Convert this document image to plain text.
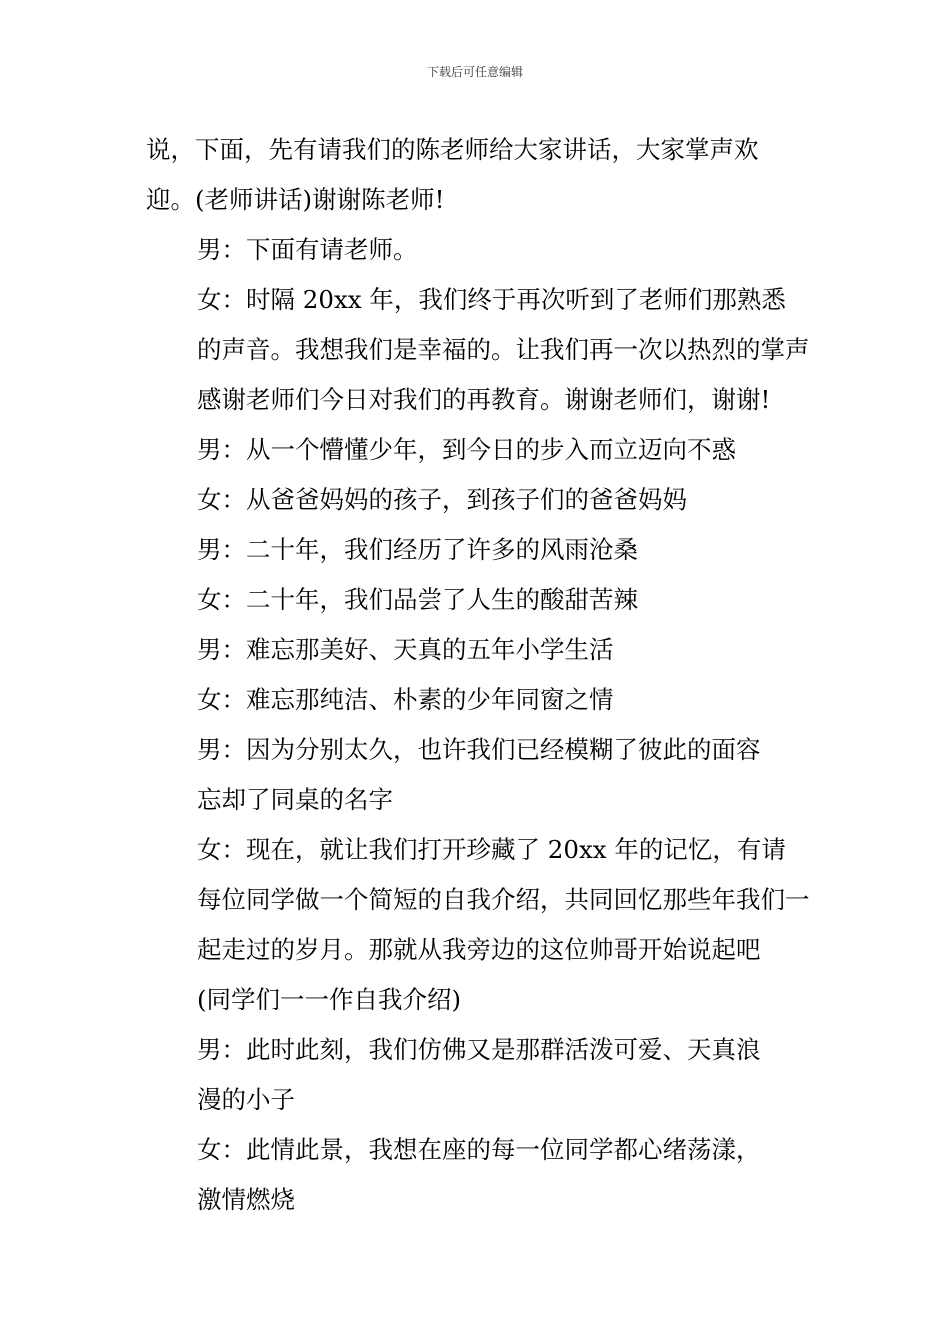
下载后可任意编辑

说，下面，先有请我们的陈老师给大家讲话，大家掌声欢
迎。(老师讲话)谢谢陈老师!

男：下面有请老师。

女：时隔 20xx 年，我们终于再次听到了老师们那熟悉
的声音。我想我们是幸福的。让我们再一次以热烈的掌声
感谢老师们今日对我们的再教育。谢谢老师们，谢谢!

男：从一个懵懂少年，到今日的步入而立迈向不惑

女：从爸爸妈妈的孩子，到孩子们的爸爸妈妈

男：二十年，我们经历了许多的风雨沧桑

女：二十年，我们品尝了人生的酸甜苦辣

男：难忘那美好、天真的五年小学生活

女：难忘那纯洁、朴素的少年同窗之情

男：因为分别太久，也许我们已经模糊了彼此的面容
忘却了同桌的名字

女：现在，就让我们打开珍藏了 20xx 年的记忆，有请
每位同学做一个简短的自我介绍，共同回忆那些年我们一
起走过的岁月。那就从我旁边的这位帅哥开始说起吧

(同学们一一作自我介绍)

男：此时此刻，我们仿佛又是那群活泼可爱、天真浪
漫的小子

女：此情此景，我想在座的每一位同学都心绪荡漾，
激情燃烧
